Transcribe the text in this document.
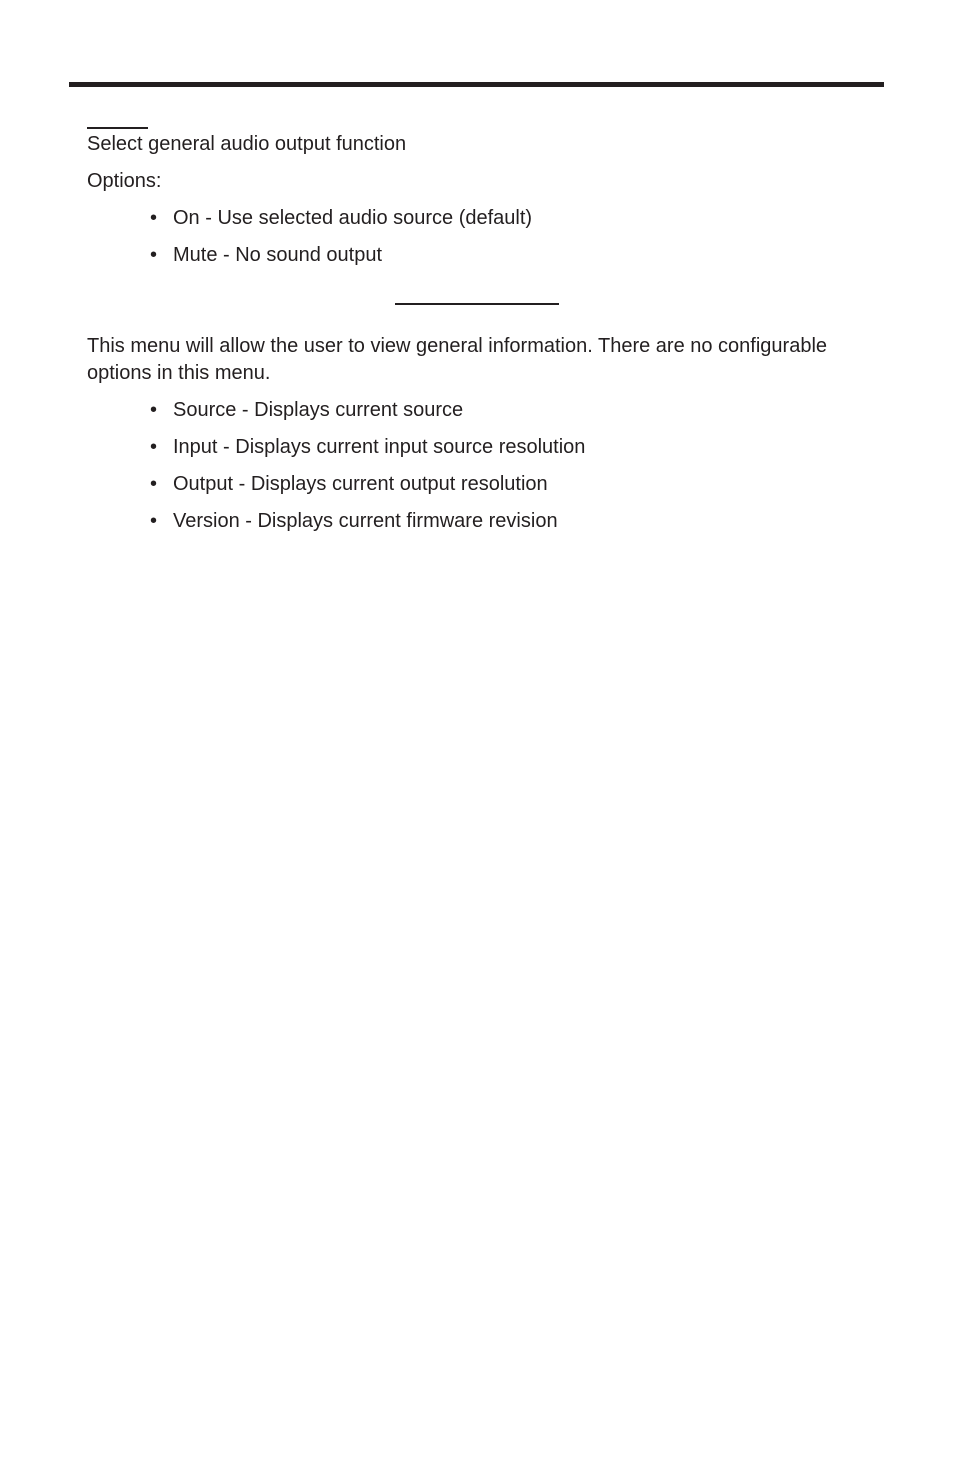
Select general audio output function

Options:

• On - Use selected audio source (default)
• Mute - No sound output

This menu will allow the user to view general information. There are no configurable options in this menu.

• Source - Displays current source
• Input - Displays current input source resolution
• Output - Displays current output resolution
• Version - Displays current firmware revision
